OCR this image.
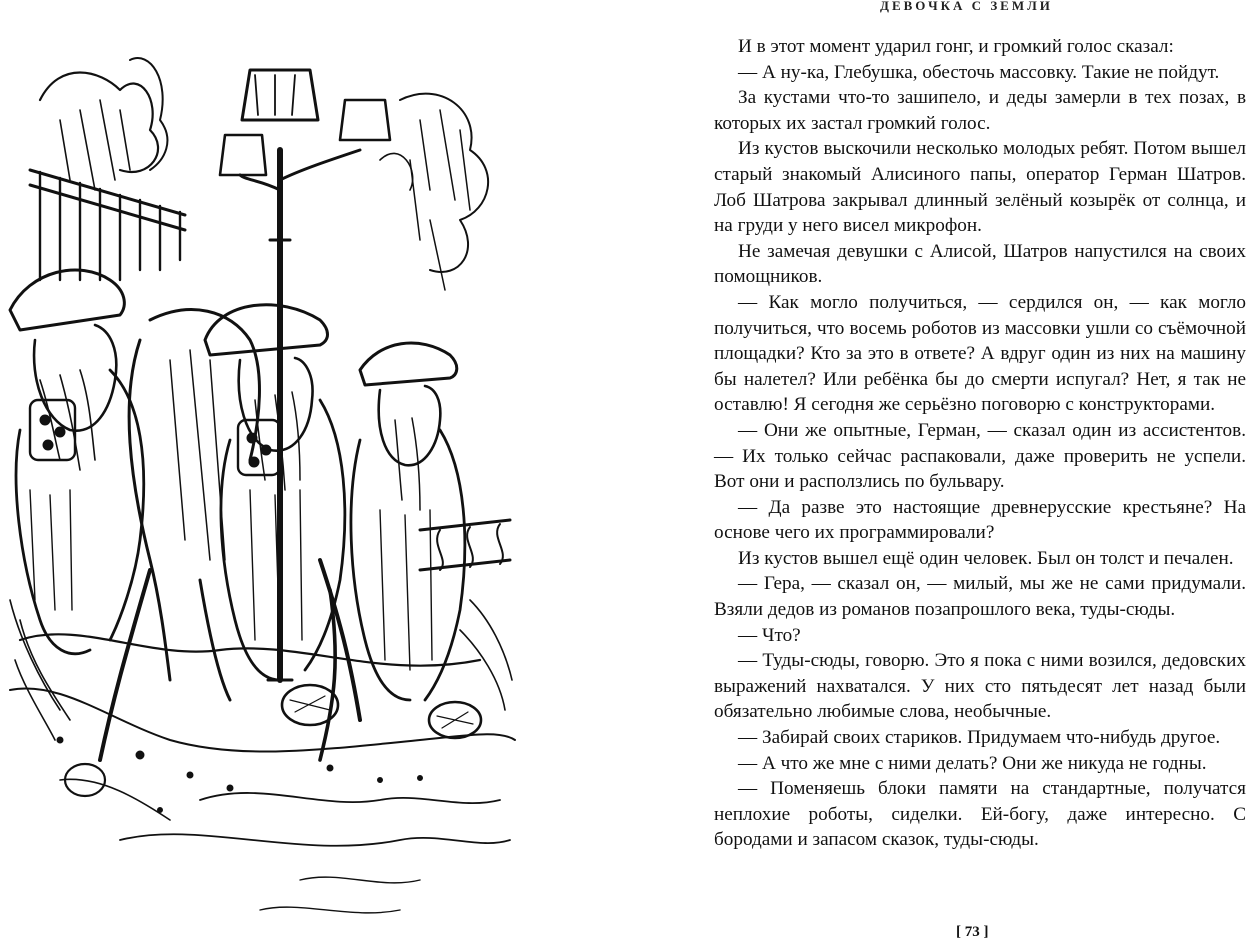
ДЕВОЧКА С ЗЕМЛИ

И в этот момент ударил гонг, и громкий голос сказал:

— А ну-ка, Глебушка, обесточь массовку. Такие не пойдут.

За кустами что-то зашипело, и деды замерли в тех позах, в которых их застал громкий голос.

Из кустов выскочили несколько молодых ребят. Потом вышел старый знакомый Алисиного папы, оператор Герман Шатров. Лоб Шатрова закрывал длинный зелёный козырёк от солнца, и на груди у него висел микрофон.

Не замечая девушки с Алисой, Шатров напустился на своих помощников.

— Как могло получиться, — сердился он, — как могло получиться, что восемь роботов из массовки ушли со съёмочной площадки? Кто за это в ответе? А вдруг один из них на машину бы налетел? Или ребёнка бы до смерти испугал? Нет, я так не оставлю! Я сегодня же серьёзно поговорю с конструкторами.

— Они же опытные, Герман, — сказал один из ассистентов. — Их только сейчас распаковали, даже проверить не успели. Вот они и расползлись по бульвару.

— Да разве это настоящие древнерусские крестьяне? На основе чего их программировали?

Из кустов вышел ещё один человек. Был он толст и печален.

— Гера, — сказал он, — милый, мы же не сами придумали. Взяли дедов из романов позапрошлого века, туды-сюды.

— Что?

— Туды-сюды, говорю. Это я пока с ними возился, дедовских выражений нахватался. У них сто пятьдесят лет назад были обязательно любимые слова, необычные.

— Забирай своих стариков. Придумаем что-нибудь другое.

— А что же мне с ними делать? Они же никуда не годны.

— Поменяешь блоки памяти на стандартные, получатся неплохие роботы, сиделки. Ей-богу, даже интересно. С бородами и запасом сказок, туды-сюды.

[ 73 ]
